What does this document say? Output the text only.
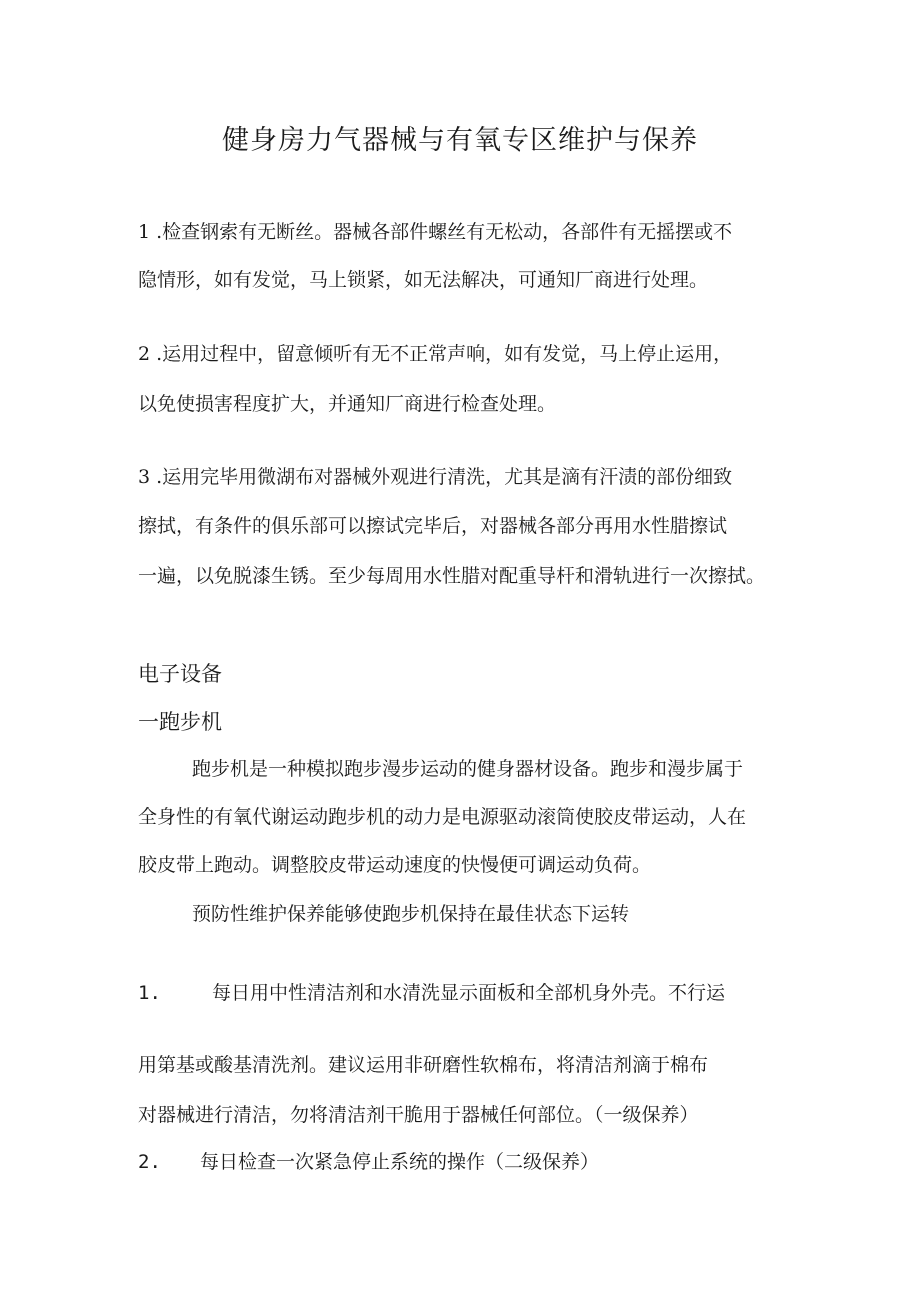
健身房力气器械与有氧专区维护与保养
1 .检查钢索有无断丝。器械各部件螺丝有无松动，各部件有无摇摆或不
隐情形，如有发觉，马上锁紧，如无法解决，可通知厂商进行处理。
2 .运用过程中，留意倾听有无不正常声响，如有发觉，马上停止运用，
以免使损害程度扩大，并通知厂商进行检查处理。
3 .运用完毕用微湖布对器械外观进行清洗，尤其是滴有汗渍的部份细致
擦拭，有条件的俱乐部可以擦试完毕后，对器械各部分再用水性腊擦试
一遍，以免脱漆生锈。至少每周用水性腊对配重导杆和滑轨进行一次擦拭。
电子设备
一跑步机
跑步机是一种模拟跑步漫步运动的健身器材设备。跑步和漫步属于
全身性的有氧代谢运动跑步机的动力是电源驱动滚筒使胶皮带运动，人在
胶皮带上跑动。调整胶皮带运动速度的快慢便可调运动负荷。
预防性维护保养能够使跑步机保持在最佳状态下运转
1.	每日用中性清洁剂和水清洗显示面板和全部机身外壳。不行运
用第基或酸基清洗剂。建议运用非研磨性软棉布，将清洁剂滴于棉布
对器械进行清洁，勿将清洁剂干脆用于器械任何部位。（一级保养）
2. 每日检查一次紧急停止系统的操作（二级保养）
